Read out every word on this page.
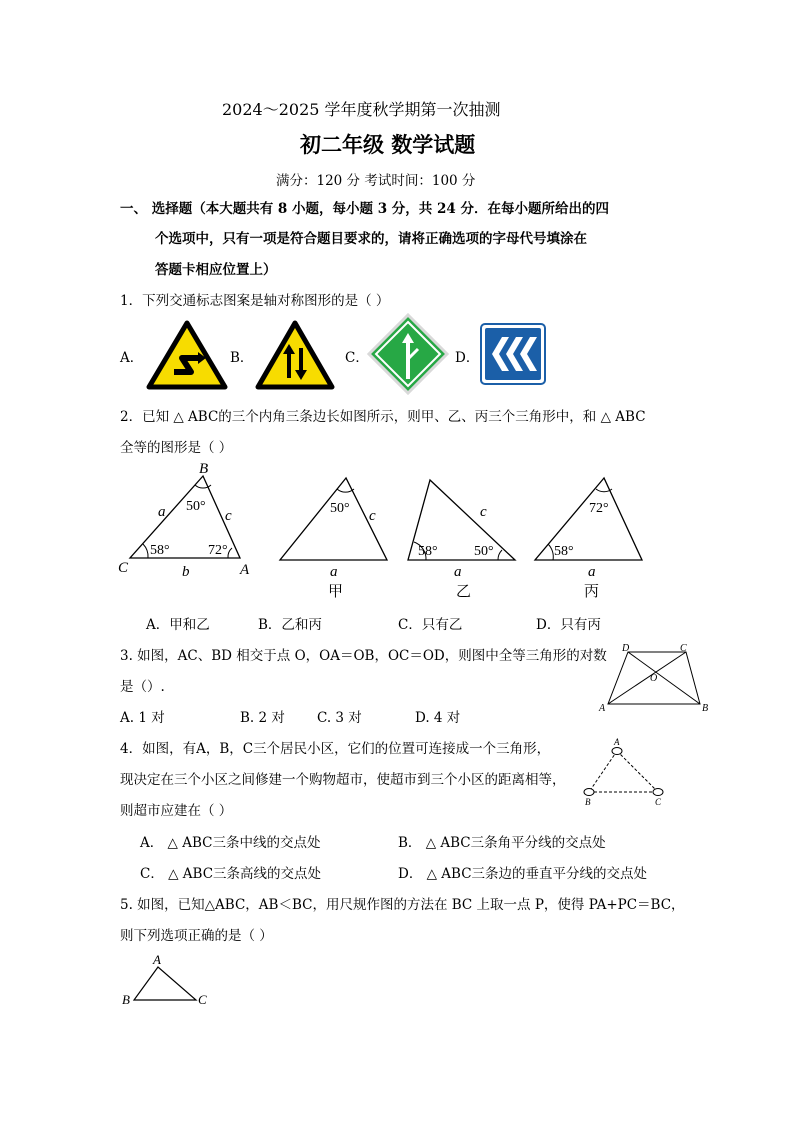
2024～2025 学年度秋学期第一次抽测
初二年级 数学试题
满分：120 分 考试时间：100 分
一、 选择题（本大题共有 8 小题，每小题 3 分，共 24 分．在每小题所给出的四
个选项中，只有一项是符合题目要求的，请将正确选项的字母代号填涂在
答题卡相应位置上）
1．下列交通标志图案是轴对称图形的是（ ）
A．	B．	C．	D．
2．已知 △ ABC的三个内角三条边长如图所示，则甲、乙、丙三个三角形中，和 △ ABC
全等的图形是（ ）
B
C	A
a	c
b
50°
58°	72°
50° c
a
甲
c
58°	50°
a
乙
72°
58°
a
丙
A．甲和乙	B．乙和丙	C．只有乙	D．只有丙
3. 如图，AC、BD 相交于点 O，OA＝OB，OC＝OD，则图中全等三角形的对数
是（）.
A. 1 对	B. 2 对 C. 3 对	D. 4 对
D	C
A	B
O
4．如图，有A，B，C三个居民小区，它们的位置可连接成一个三角形，
现决定在三个小区之间修建一个购物超市，使超市到三个小区的距离相等，
则超市应建在（ ）
A
B	C
A． △ ABC三条中线的交点处	B． △ ABC三条角平分线的交点处
C． △ ABC三条高线的交点处	D． △ ABC三条边的垂直平分线的交点处
5. 如图，已知△ABC，AB＜BC，用尺规作图的方法在 BC 上取一点 P，使得 PA+PC＝BC，
则下列选项正确的是（ ）
A
B	C
